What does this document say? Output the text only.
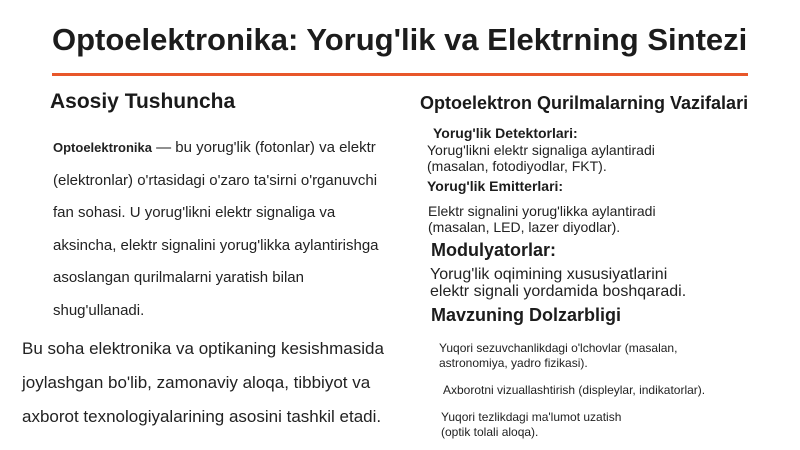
Optoelektronika: Yorug'lik va Elektrning Sintezi
Asosiy Tushuncha

Optoelektronika — bu yorug'lik (fotonlar) va elektr (elektronlar) o'rtasidagi o'zaro ta'sirni o'rganuvchi fan sohasi. U yorug'likni elektr signaliga va aksincha, elektr signalini yorug'likka aylantirishga asoslangan qurilmalarni yaratish bilan shug'ullanadi.

Bu soha elektronika va optikaning kesishmasida joylashgan bo'lib, zamonaviy aloqa, tibbiyot va axborot texnologiyalarining asosini tashkil etadi.

Optoelektron Qurilmalarning Vazifalari
Yorug'lik Detektorlari:
Yorug'likni elektr signaliga aylantiradi
(masalan, fotodiyodlar, FKT).
Yorug'lik Emitterlari:
Elektr signalini yorug'likka aylantiradi
(masalan, LED, lazer diyodlar).
Modulyatorlar:
Yorug'lik oqimining xususiyatlarini
elektr signali yordamida boshqaradi.
Mavzuning Dolzarbligi
Yuqori sezuvchanlikdagi o'lchovlar (masalan,
astronomiya, yadro fizikasi).
Axborotni vizuallashtirish (displeylar, indikatorlar).
Yuqori tezlikdagi ma'lumot uzatish
(optik tolali aloqa).
